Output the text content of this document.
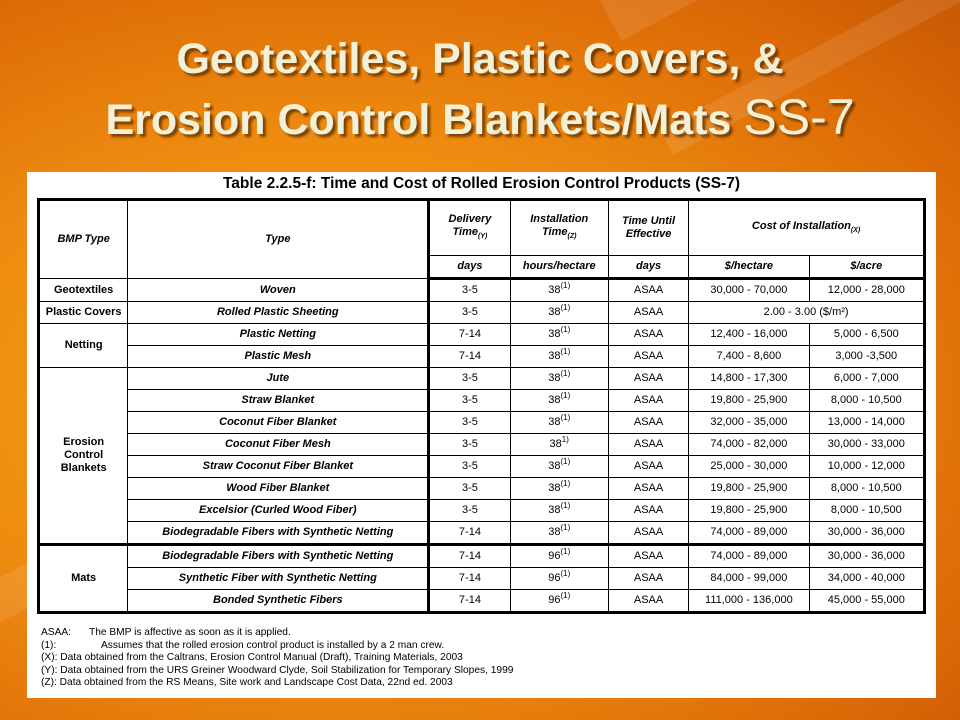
Geotextiles, Plastic Covers, &
Erosion Control Blankets/Mats SS-7
Table 2.2.5-f: Time and Cost of Rolled Erosion Control Products (SS-7)
BMP Type	Type	Delivery Time$_{(Y)}$	Installation Time$_{(Z)}$	Time Until Effective	Cost of Installation$_{(X)}$
		days	hours/hectare	days	$/hectare	$/acre
Geotextiles	Woven	3-5	38$^{(1)}$	ASAA	30,000 - 70,000	12,000 - 28,000
Plastic Covers	Rolled Plastic Sheeting	3-5	38$^{(1)}$	ASAA	2.00 - 3.00 ($/m²)	
Netting	Plastic Netting	7-14	38$^{(1)}$	ASAA	12,400 - 16,000	5,000 - 6,500
	Plastic Mesh	7-14	38$^{(1)}$	ASAA	7,400 - 8,600	3,000 -3,500

Erosion Control Blankets	Jute	3-5	38$^{(1)}$	ASAA	14,800 - 17,300	6,000 - 7,000
	Straw Blanket	3-5	38$^{(1)}$	ASAA	19,800 - 25,900	8,000 - 10,500
	Coconut Fiber Blanket	3-5	38$^{(1)}$	ASAA	32,000 - 35,000	13,000 - 14,000
	Coconut Fiber Mesh	3-5	38$^{1)}$	ASAA	74,000 - 82,000	30,000 - 33,000
	Straw Coconut Fiber Blanket	3-5	38$^{(1)}$	ASAA	25,000 - 30,000	10,000 - 12,000
	Wood Fiber Blanket	3-5	38$^{(1)}$	ASAA	19,800 - 25,900	8,000 - 10,500
	Excelsior (Curled Wood Fiber)	3-5	38$^{(1)}$	ASAA	19,800 - 25,900	8,000 - 10,500
	Biodegradable Fibers with Synthetic Netting	7-14	38$^{(1)}$	ASAA	74,000 - 89,000	30,000 - 36,000
Mats	Biodegradable Fibers with Synthetic Netting	7-14	96$^{(1)}$	ASAA	74,000 - 89,000	30,000 - 36,000
	Synthetic Fiber with Synthetic Netting	7-14	96$^{(1)}$	ASAA	84,000 - 99,000	34,000 - 40,000
	Bonded Synthetic Fibers	7-14	96$^{(1)}$	ASAA	111,000 - 136,000	45,000 - 55,000
ASAA: The BMP is affective as soon as it is applied.
(1):	Assumes that the rolled erosion control product is installed by a 2 man crew.
(X): Data obtained from the Caltrans, Erosion Control Manual (Draft), Training Materials, 2003
(Y): Data obtained from the URS Greiner Woodward Clyde, Soil Stabilization for Temporary Slopes, 1999
(Z): Data obtained from the RS Means, Site work and Landscape Cost Data, 22nd ed. 2003
